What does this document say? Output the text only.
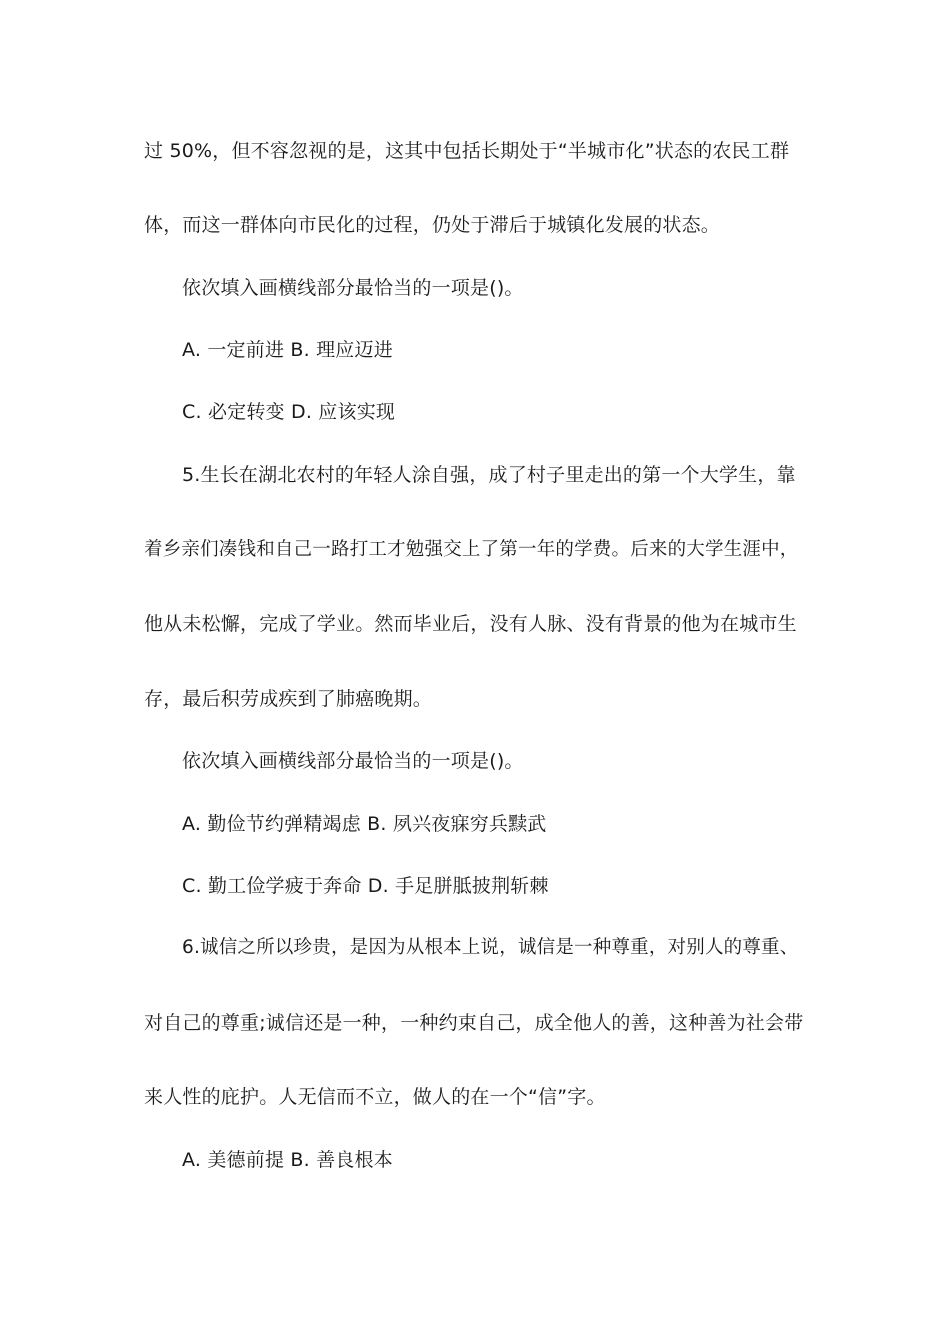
过 50%，但不容忽视的是，这其中包括长期处于“半城市化”状态的农民工群
体，而这一群体向市民化的过程，仍处于滞后于城镇化发展的状态。
依次填入画横线部分最恰当的一项是()。
A. 一定前进 B. 理应迈进
C. 必定转变 D. 应该实现
5.生长在湖北农村的年轻人涂自强，成了村子里走出的第一个大学生，靠
着乡亲们凑钱和自己一路打工才勉强交上了第一年的学费。后来的大学生涯中，
他从未松懈，完成了学业。然而毕业后，没有人脉、没有背景的他为在城市生
存，最后积劳成疾到了肺癌晚期。
依次填入画横线部分最恰当的一项是()。
A. 勤俭节约弹精竭虑 B. 夙兴夜寐穷兵黩武
C. 勤工俭学疲于奔命 D. 手足胼胝披荆斩棘
6.诚信之所以珍贵，是因为从根本上说，诚信是一种尊重，对别人的尊重、
对自己的尊重;诚信还是一种，一种约束自己，成全他人的善，这种善为社会带
来人性的庇护。人无信而不立，做人的在一个“信”字。
A. 美德前提 B. 善良根本
